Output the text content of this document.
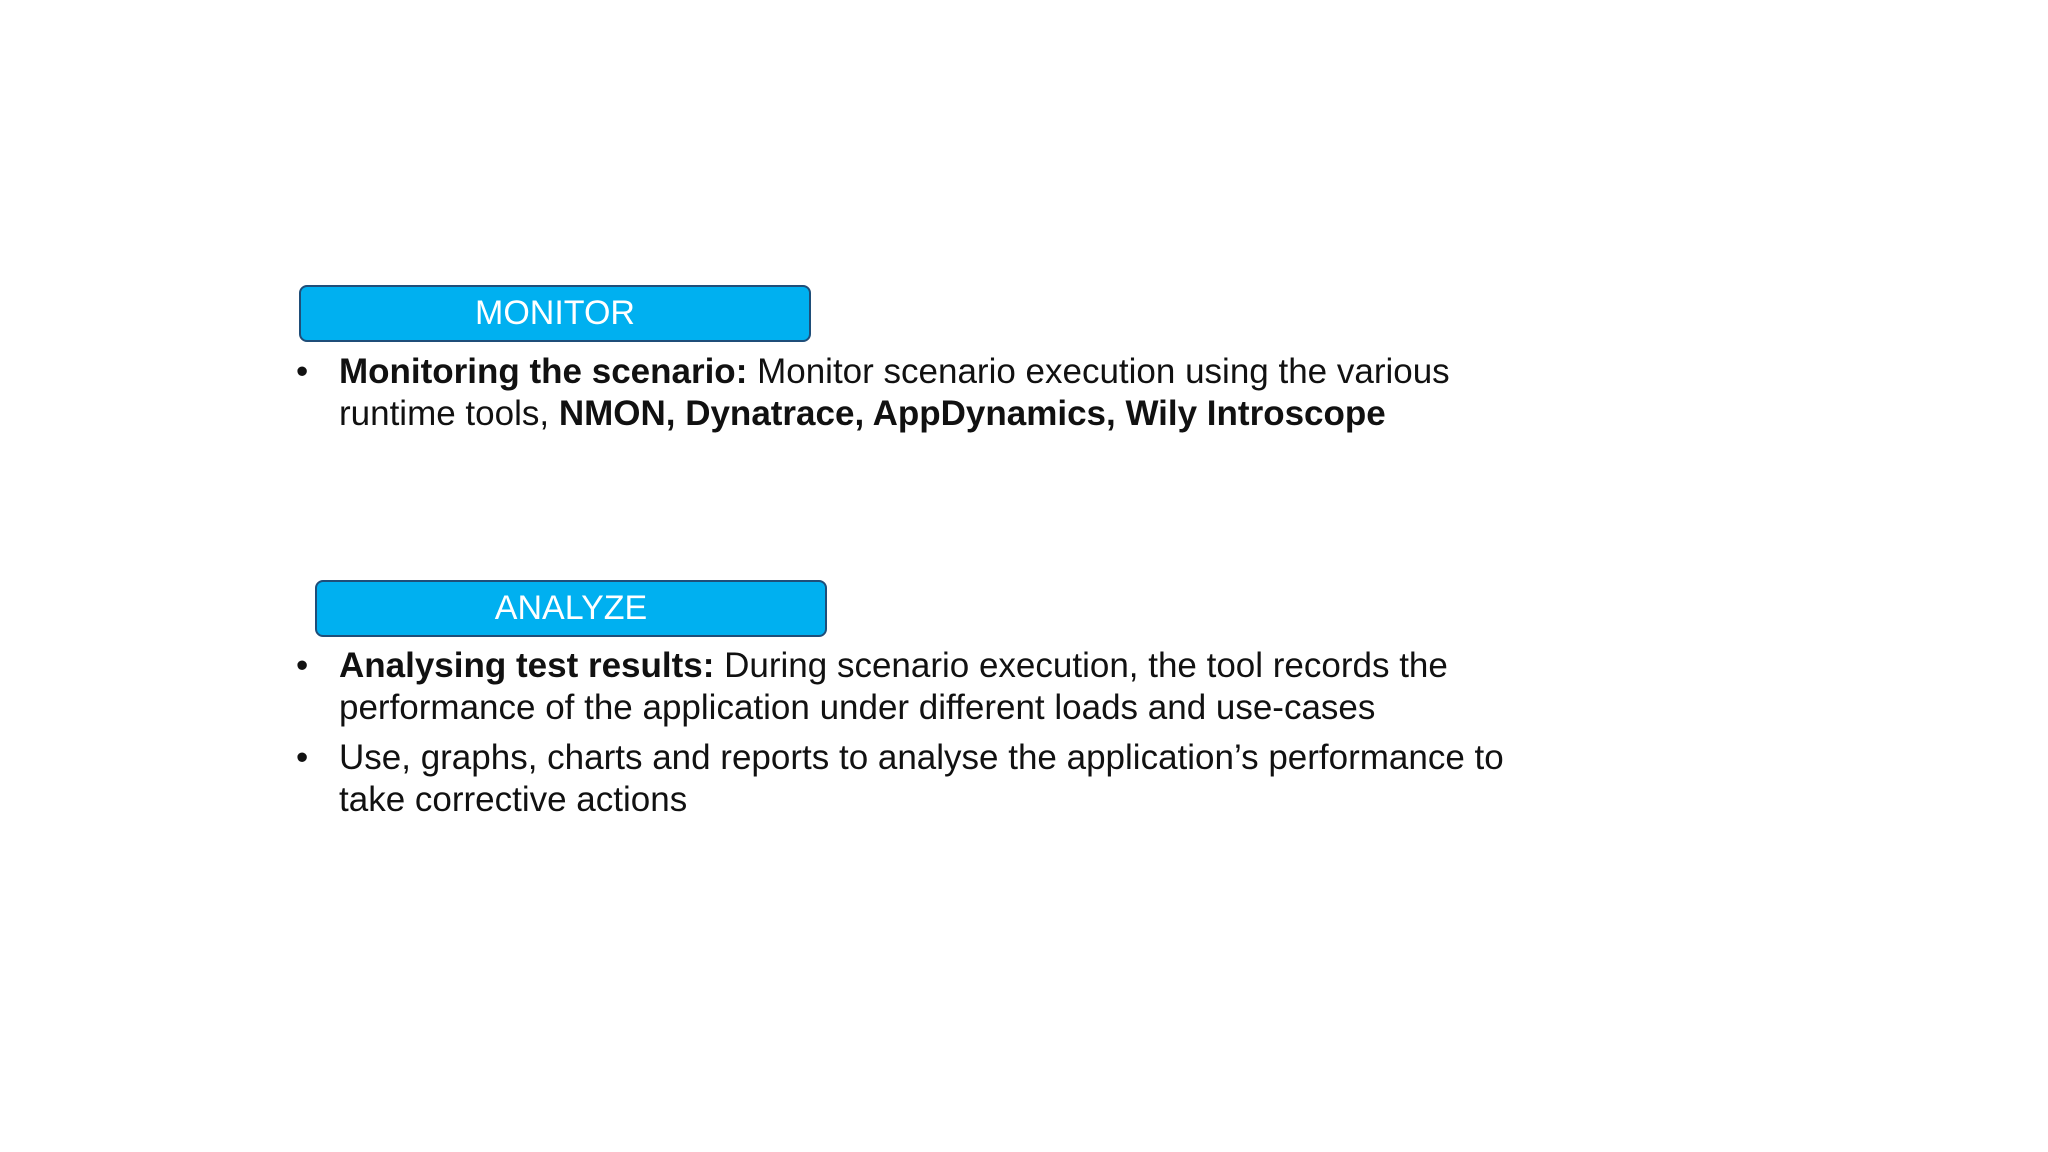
MONITOR
• Monitoring the scenario: Monitor scenario execution using the various runtime tools, NMON, Dynatrace, AppDynamics, Wily Introscope
ANALYZE
• Analysing test results: During scenario execution, the tool records the performance of the application under different loads and use-cases
• Use, graphs, charts and reports to analyse the application’s performance to take corrective actions
